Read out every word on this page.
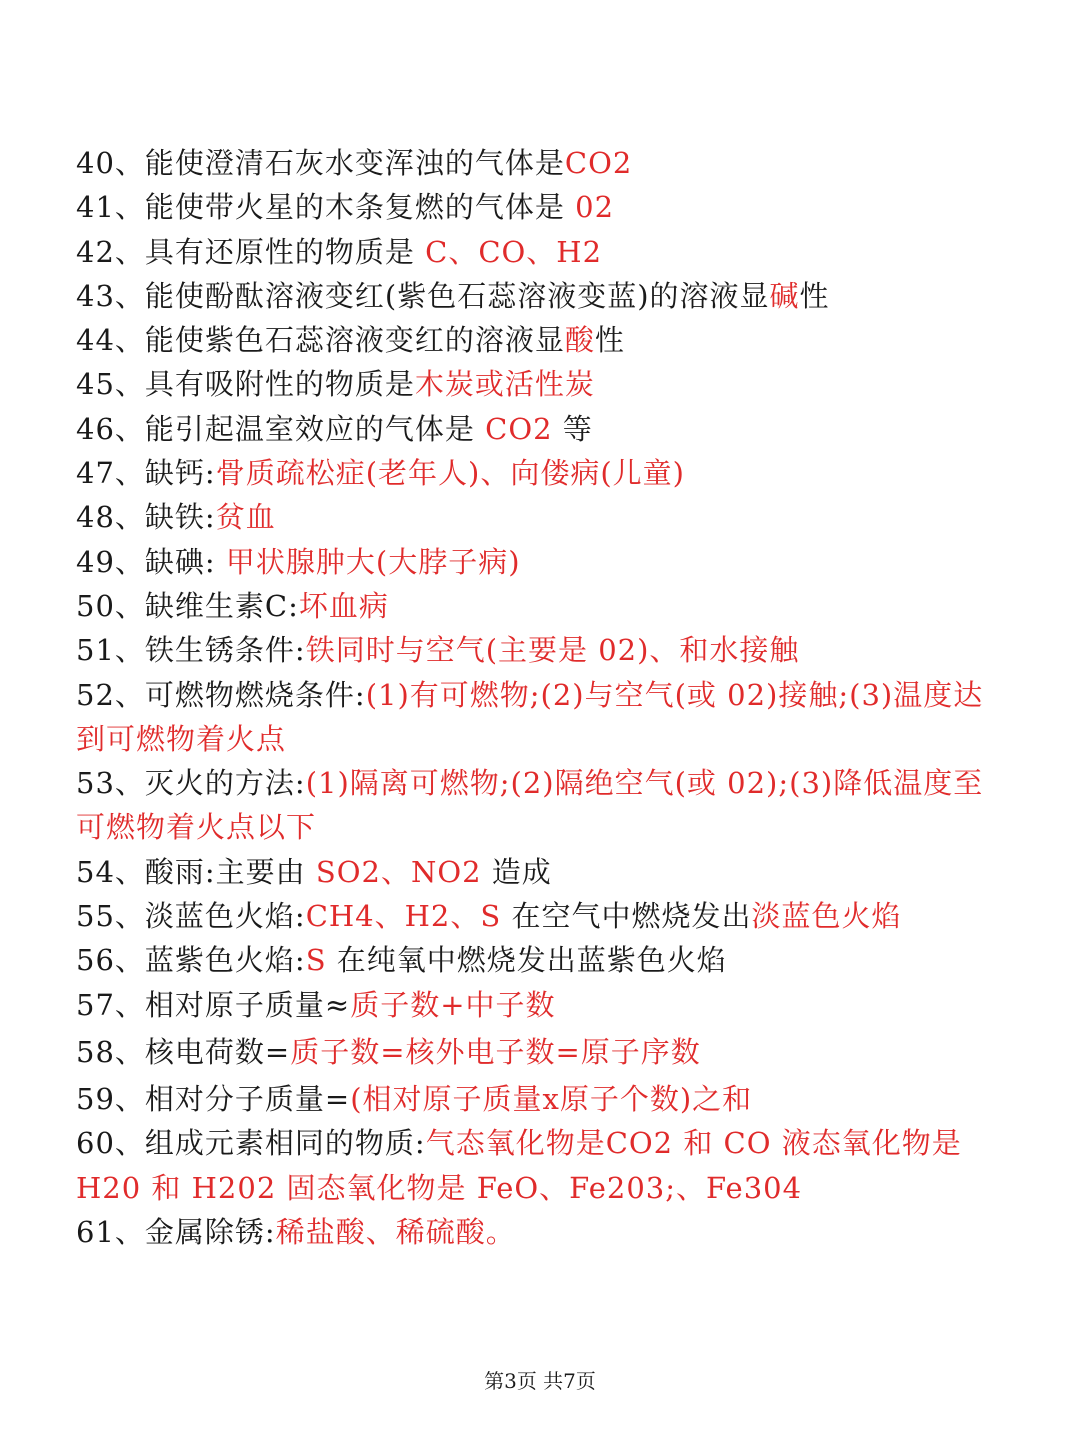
40、能使澄清石灰水变浑浊的气体是CO2
41、能使带火星的木条复燃的气体是 02
42、具有还原性的物质是 C、CO、H2
43、能使酚酞溶液变红(紫色石蕊溶液变蓝)的溶液显碱性
44、能使紫色石蕊溶液变红的溶液显酸性
45、具有吸附性的物质是木炭或活性炭
46、能引起温室效应的气体是 CO2 等
47、缺钙:骨质疏松症(老年人)、向偻病(儿童)
48、缺铁:贫血
49、缺碘: 甲状腺肿大(大脖子病)
50、缺维生素C:坏血病
51、铁生锈条件:铁同时与空气(主要是 02)、和水接触
52、可燃物燃烧条件:(1)有可燃物;(2)与空气(或 02)接触;(3)温度达
到可燃物着火点
53、灭火的方法:(1)隔离可燃物;(2)隔绝空气(或 02);(3)降低温度至
可燃物着火点以下
54、酸雨:主要由 SO2、NO2 造成
55、淡蓝色火焰:CH4、H2、S 在空气中燃烧发出淡蓝色火焰
56、蓝紫色火焰:S 在纯氧中燃烧发出蓝紫色火焰
57、相对原子质量≈质子数+中子数
58、核电荷数=质子数=核外电子数=原子序数
59、相对分子质量=(相对原子质量x原子个数)之和
60、组成元素相同的物质:气态氧化物是CO2 和 CO 液态氧化物是
H20 和 H202 固态氧化物是 FeO、Fe203;、Fe304
61、金属除锈:稀盐酸、稀硫酸。
第3页 共7页
